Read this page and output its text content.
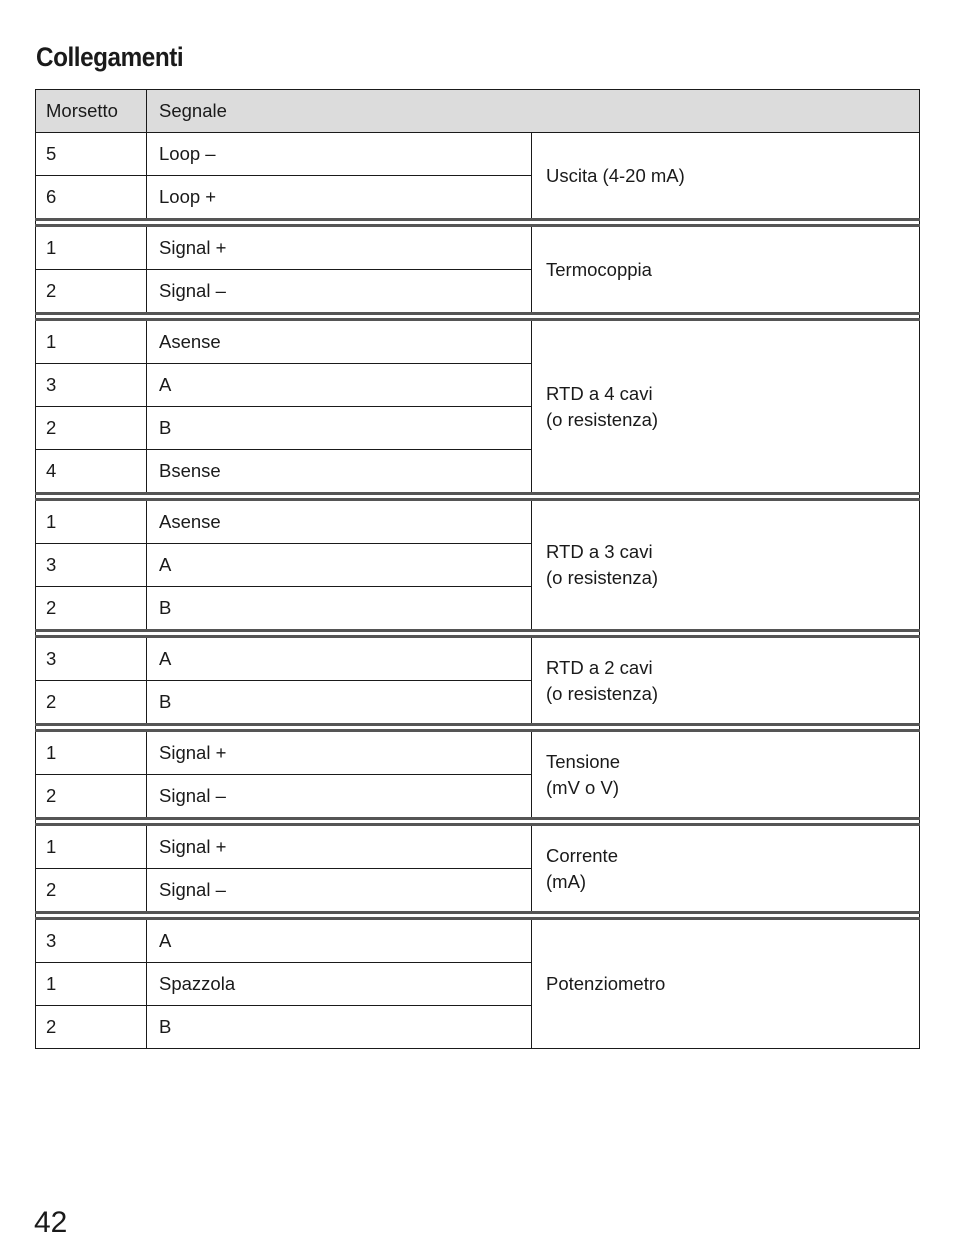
Collegamenti
Morsetto	Segnale	
5	Loop –	Uscita (4-20 mA)

6	Loop +	

1	Signal +	Termocoppia

2	Signal –	

1	Asense	RTD a 4 cavi
(o resistenza)

3	A	
2	B	
4	Bsense	

1	Asense	RTD a 3 cavi
(o resistenza)

3	A	
2	B	

3	A	RTD a 2 cavi
(o resistenza)

2	B	

1	Signal +	Tensione
(mV o V)

2	Signal –	

1	Signal +	Corrente
(mA)

2	Signal –	

3	A	Potenziometro

1	Spazzola	
2	B	

42
